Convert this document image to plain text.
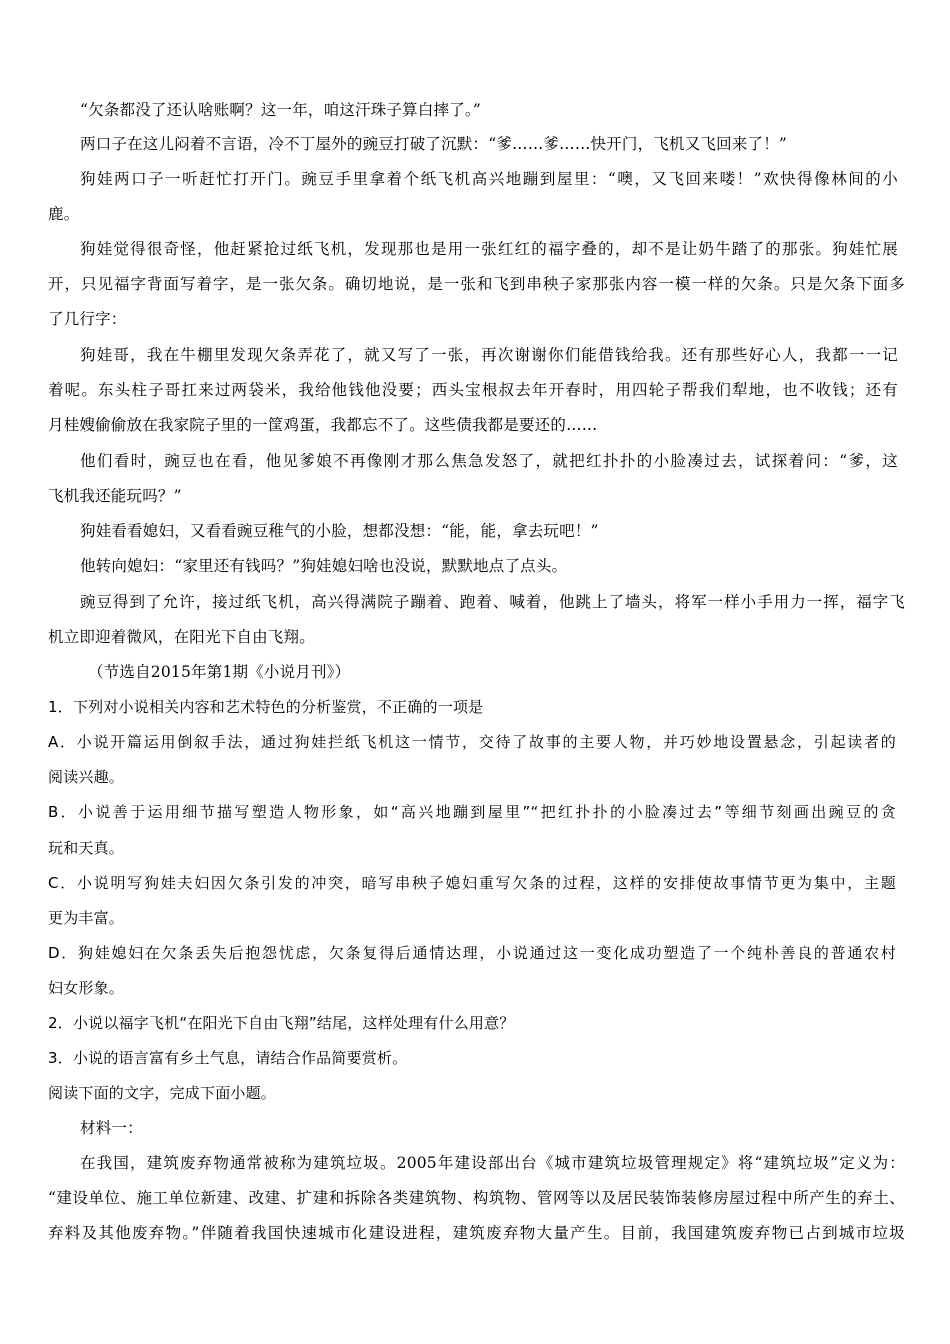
“欠条都没了还认啥账啊？这一年，咱这汗珠子算白摔了。”

两口子在这儿闷着不言语，冷不丁屋外的豌豆打破了沉默：“爹……爹……快开门，飞机又飞回来了！”

狗娃两口子一听赶忙打开门。豌豆手里拿着个纸飞机高兴地蹦到屋里：“噢，又飞回来喽！”欢快得像林间的小

鹿。

狗娃觉得很奇怪，他赶紧抢过纸飞机，发现那也是用一张红红的福字叠的，却不是让奶牛踏了的那张。狗娃忙展

开，只见福字背面写着字，是一张欠条。确切地说，是一张和飞到串秧子家那张内容一模一样的欠条。只是欠条下面多

了几行字：

狗娃哥，我在牛棚里发现欠条弄花了，就又写了一张，再次谢谢你们能借钱给我。还有那些好心人，我都一一记

着呢。东头柱子哥扛来过两袋米，我给他钱他没要；西头宝根叔去年开春时，用四轮子帮我们犁地，也不收钱；还有

月桂嫂偷偷放在我家院子里的一筐鸡蛋，我都忘不了。这些债我都是要还的……

他们看时，豌豆也在看，他见爹娘不再像刚才那么焦急发怒了，就把红扑扑的小脸凑过去，试探着问：“爹，这

飞机我还能玩吗？”

狗娃看看媳妇，又看看豌豆稚气的小脸，想都没想：“能，能，拿去玩吧！”

他转向媳妇：“家里还有钱吗？”狗娃媳妇啥也没说，默默地点了点头。

豌豆得到了允许，接过纸飞机，高兴得满院子蹦着、跑着、喊着，他跳上了墙头，将军一样小手用力一挥，福字飞

机立即迎着微风，在阳光下自由飞翔。

（节选自2015年第1期《小说月刊》）

1．下列对小说相关内容和艺术特色的分析鉴赏，不正确的一项是

A．小说开篇运用倒叙手法，通过狗娃拦纸飞机这一情节，交待了故事的主要人物，并巧妙地设置悬念，引起读者的

阅读兴趣。

B．小说善于运用细节描写塑造人物形象，如“高兴地蹦到屋里”“把红扑扑的小脸凑过去”等细节刻画出豌豆的贪

玩和天真。

C．小说明写狗娃夫妇因欠条引发的冲突，暗写串秧子媳妇重写欠条的过程，这样的安排使故事情节更为集中，主题

更为丰富。

D．狗娃媳妇在欠条丢失后抱怨忧虑，欠条复得后通情达理，小说通过这一变化成功塑造了一个纯朴善良的普通农村

妇女形象。

2．小说以福字飞机“在阳光下自由飞翔”结尾，这样处理有什么用意？

3．小说的语言富有乡土气息，请结合作品简要赏析。

阅读下面的文字，完成下面小题。

材料一：

在我国，建筑废弃物通常被称为建筑垃圾。2005年建设部出台《城市建筑垃圾管理规定》将“建筑垃圾”定义为：

“建设单位、施工单位新建、改建、扩建和拆除各类建筑物、构筑物、管网等以及居民装饰装修房屋过程中所产生的弃土、

弃料及其他废弃物。”伴随着我国快速城市化建设进程，建筑废弃物大量产生。目前，我国建筑废弃物已占到城市垃圾
